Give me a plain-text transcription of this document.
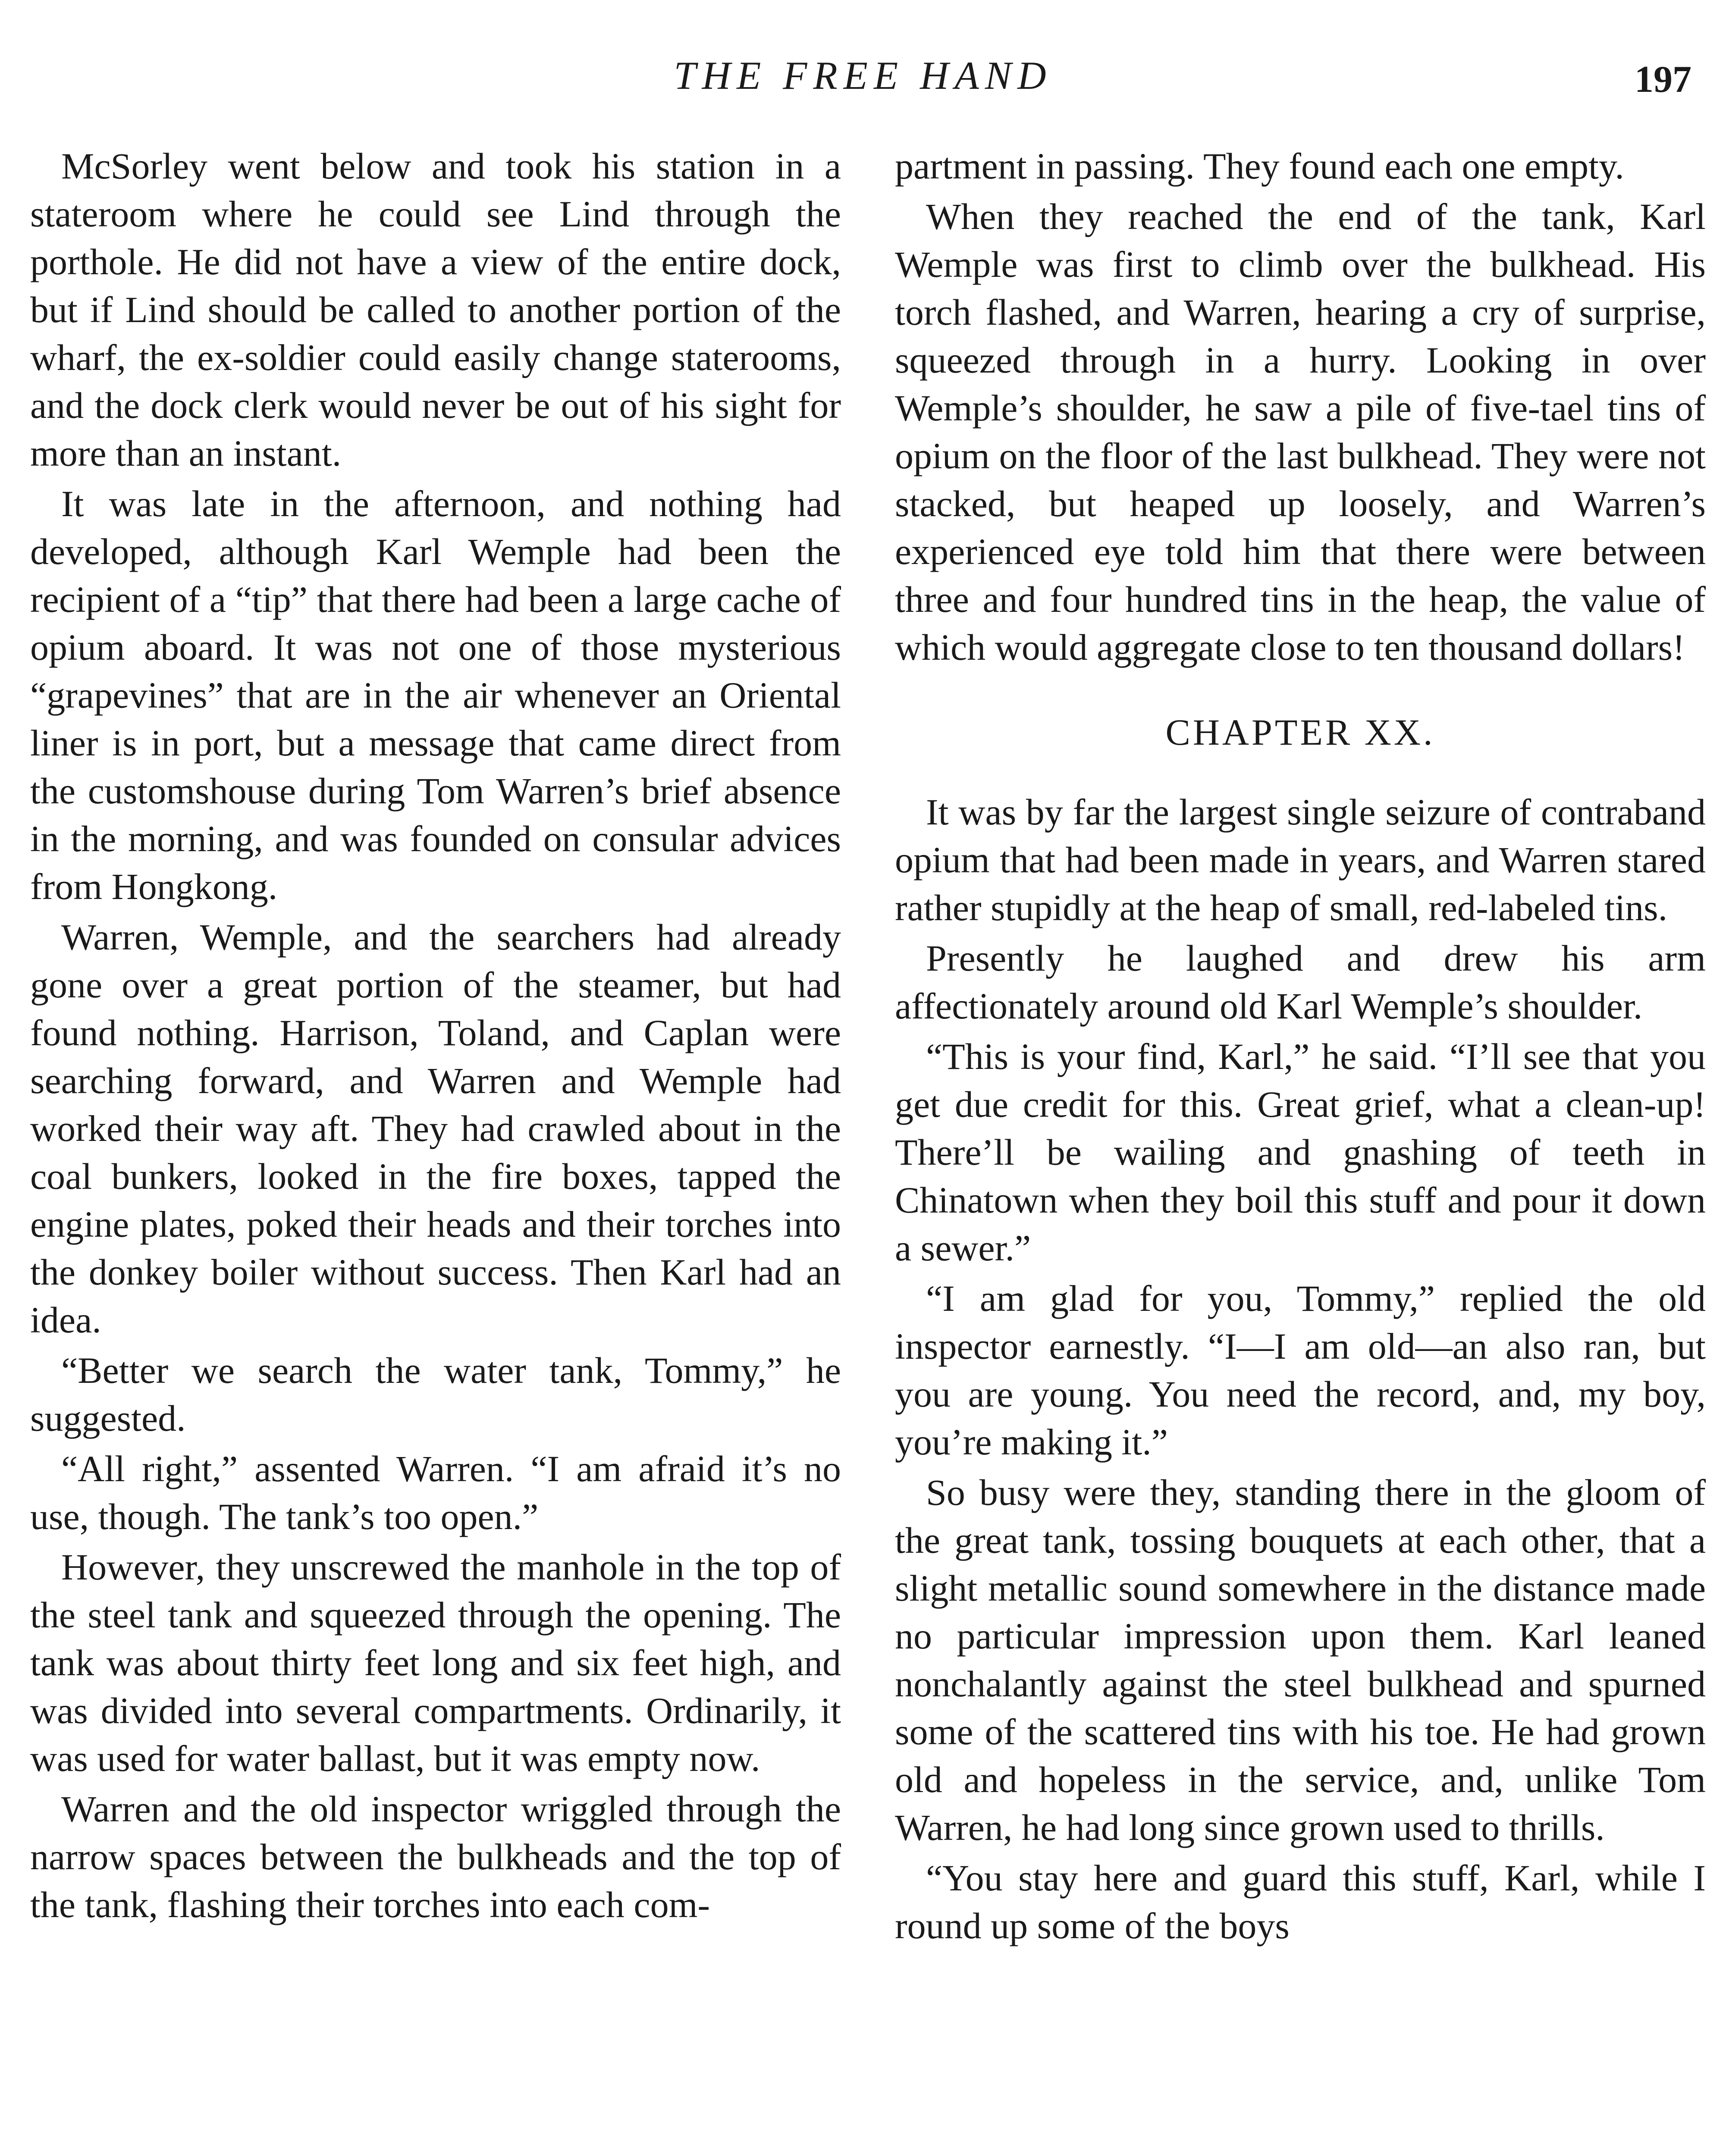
THE FREE HAND	197

McSorley went below and took his station in a stateroom where he could see Lind through the porthole. He did not have a view of the entire dock, but if Lind should be called to another portion of the wharf, the ex-soldier could easily change staterooms, and the dock clerk would never be out of his sight for more than an instant.

It was late in the afternoon, and nothing had developed, although Karl Wemple had been the recipient of a “tip” that there had been a large cache of opium aboard. It was not one of those mysterious “grapevines” that are in the air whenever an Oriental liner is in port, but a message that came direct from the customshouse during Tom Warren’s brief absence in the morning, and was founded on consular advices from Hongkong.

Warren, Wemple, and the searchers had already gone over a great portion of the steamer, but had found nothing. Harrison, Toland, and Caplan were searching forward, and Warren and Wemple had worked their way aft. They had crawled about in the coal bunkers, looked in the fire boxes, tapped the engine plates, poked their heads and their torches into the donkey boiler without success. Then Karl had an idea.

“Better we search the water tank, Tommy,” he suggested.

“All right,” assented Warren. “I am afraid it’s no use, though. The tank’s too open.”

However, they unscrewed the manhole in the top of the steel tank and squeezed through the opening. The tank was about thirty feet long and six feet high, and was divided into several compartments. Ordinarily, it was used for water ballast, but it was empty now.

Warren and the old inspector wriggled through the narrow spaces between the bulkheads and the top of the tank, flashing their torches into each com-

partment in passing. They found each one empty.

When they reached the end of the tank, Karl Wemple was first to climb over the bulkhead. His torch flashed, and Warren, hearing a cry of surprise, squeezed through in a hurry. Looking in over Wemple’s shoulder, he saw a pile of five-tael tins of opium on the floor of the last bulkhead. They were not stacked, but heaped up loosely, and Warren’s experienced eye told him that there were between three and four hundred tins in the heap, the value of which would aggregate close to ten thousand dollars!

CHAPTER XX.

It was by far the largest single seizure of contraband opium that had been made in years, and Warren stared rather stupidly at the heap of small, red-labeled tins.

Presently he laughed and drew his arm affectionately around old Karl Wemple’s shoulder.

“This is your find, Karl,” he said. “I’ll see that you get due credit for this. Great grief, what a clean-up! There’ll be wailing and gnashing of teeth in Chinatown when they boil this stuff and pour it down a sewer.”

“I am glad for you, Tommy,” replied the old inspector earnestly. “I—I am old—an also ran, but you are young. You need the record, and, my boy, you’re making it.”

So busy were they, standing there in the gloom of the great tank, tossing bouquets at each other, that a slight metallic sound somewhere in the distance made no particular impression upon them. Karl leaned nonchalantly against the steel bulkhead and spurned some of the scattered tins with his toe. He had grown old and hopeless in the service, and, unlike Tom Warren, he had long since grown used to thrills.

“You stay here and guard this stuff, Karl, while I round up some of the boys
